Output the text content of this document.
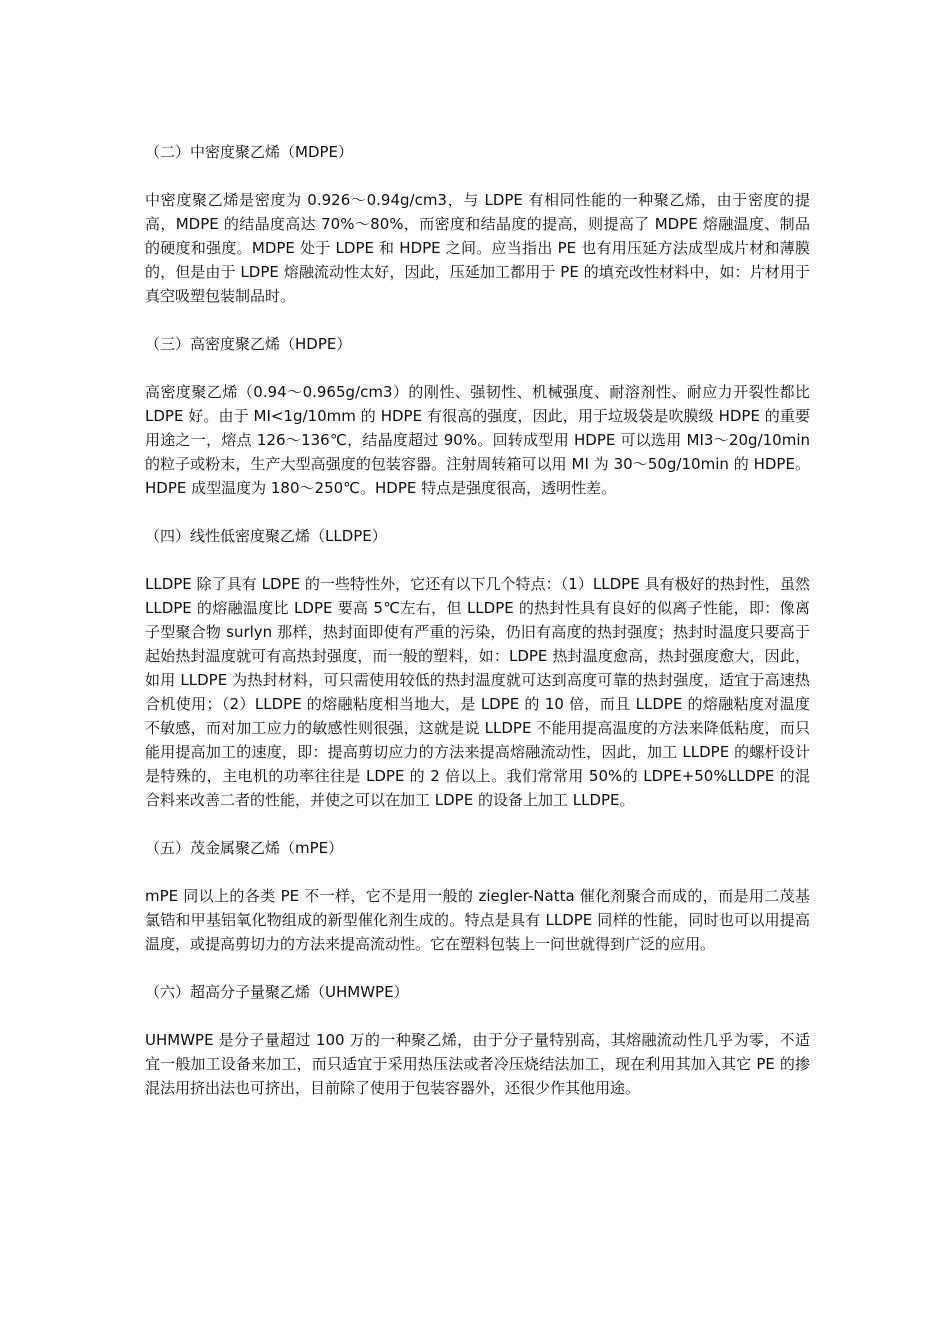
（二）中密度聚乙烯（MDPE）

中密度聚乙烯是密度为 0.926～0.94g/cm3，与 LDPE 有相同性能的一种聚乙烯，由于密度的提高，MDPE 的结晶度高达 70%～80%，而密度和结晶度的提高，则提高了 MDPE 熔融温度、制品的硬度和强度。MDPE 处于 LDPE 和 HDPE 之间。应当指出 PE 也有用压延方法成型成片材和薄膜的，但是由于 LDPE 熔融流动性太好，因此，压延加工都用于 PE 的填充改性材料中，如：片材用于真空吸塑包装制品时。

（三）高密度聚乙烯（HDPE）

高密度聚乙烯（0.94～0.965g/cm3）的刚性、强韧性、机械强度、耐溶剂性、耐应力开裂性都比 LDPE 好。由于 MI<1g/10mm 的 HDPE 有很高的强度，因此，用于垃圾袋是吹膜级 HDPE 的重要用途之一，熔点 126～136℃，结晶度超过 90%。回转成型用 HDPE 可以选用 MI3～20g/10min 的粒子或粉末，生产大型高强度的包装容器。注射周转箱可以用 MI 为 30～50g/10min 的 HDPE。HDPE 成型温度为 180～250℃。HDPE 特点是强度很高，透明性差。

（四）线性低密度聚乙烯（LLDPE）

LLDPE 除了具有 LDPE 的一些特性外，它还有以下几个特点：（1）LLDPE 具有极好的热封性，虽然 LLDPE 的熔融温度比 LDPE 要高 5℃左右，但 LLDPE 的热封性具有良好的似离子性能，即：像离子型聚合物 surlyn 那样，热封面即使有严重的污染，仍旧有高度的热封强度；热封时温度只要高于起始热封温度就可有高热封强度，而一般的塑料，如：LDPE 热封温度愈高，热封强度愈大，因此，如用 LLDPE 为热封材料，可只需使用较低的热封温度就可达到高度可靠的热封强度，适宜于高速热合机使用；（2）LLDPE 的熔融粘度相当地大，是 LDPE 的 10 倍，而且 LLDPE 的熔融粘度对温度不敏感，而对加工应力的敏感性则很强，这就是说 LLDPE 不能用提高温度的方法来降低粘度，而只能用提高加工的速度，即：提高剪切应力的方法来提高熔融流动性，因此，加工 LLDPE 的螺杆设计是特殊的，主电机的功率往往是 LDPE 的 2 倍以上。我们常常用 50%的 LDPE+50%LLDPE 的混合料来改善二者的性能，并使之可以在加工 LDPE 的设备上加工 LLDPE。

（五）茂金属聚乙烯（mPE）

mPE 同以上的各类 PE 不一样，它不是用一般的 ziegler-Natta 催化剂聚合而成的，而是用二茂基氯锆和甲基铝氧化物组成的新型催化剂生成的。特点是具有 LLDPE 同样的性能，同时也可以用提高温度，或提高剪切力的方法来提高流动性。它在塑料包装上一问世就得到广泛的应用。

（六）超高分子量聚乙烯（UHMWPE）

UHMWPE 是分子量超过 100 万的一种聚乙烯，由于分子量特别高，其熔融流动性几乎为零，不适宜一般加工设备来加工，而只适宜于采用热压法或者冷压烧结法加工，现在利用其加入其它 PE 的掺混法用挤出法也可挤出，目前除了使用于包装容器外，还很少作其他用途。
